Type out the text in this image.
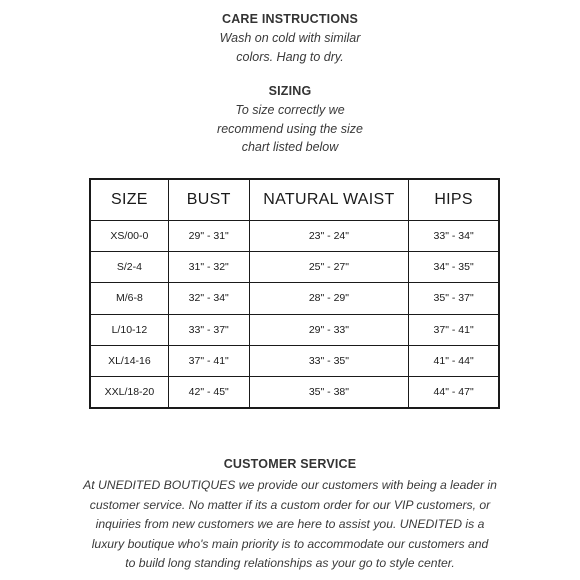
CARE INSTRUCTIONS

Wash on cold with similar
colors. Hang to dry.

SIZING

To size correctly we
recommend using the size
chart listed below

SIZE	BUST	NATURAL WAIST	HIPS
XS/00-0	29" - 31"	23" - 24"	33" - 34"
S/2-4	31" - 32"	25" - 27"	34" - 35"
M/6-8	32" - 34"	28" - 29"	35" - 37"
L/10-12	33" - 37"	29" - 33"	37" - 41"
XL/14-16	37" - 41"	33" - 35"	41" - 44"
XXL/18-20	42" - 45"	35" - 38"	44" - 47"

CUSTOMER SERVICE

At UNEDITED BOUTIQUES we provide our customers with being a leader in
customer service. No matter if its a custom order for our VIP customers, or
inquiries from new customers we are here to assist you. UNEDITED is a
luxury boutique who's main priority is to accommodate our customers and
to build long standing relationships as your go to style center.
